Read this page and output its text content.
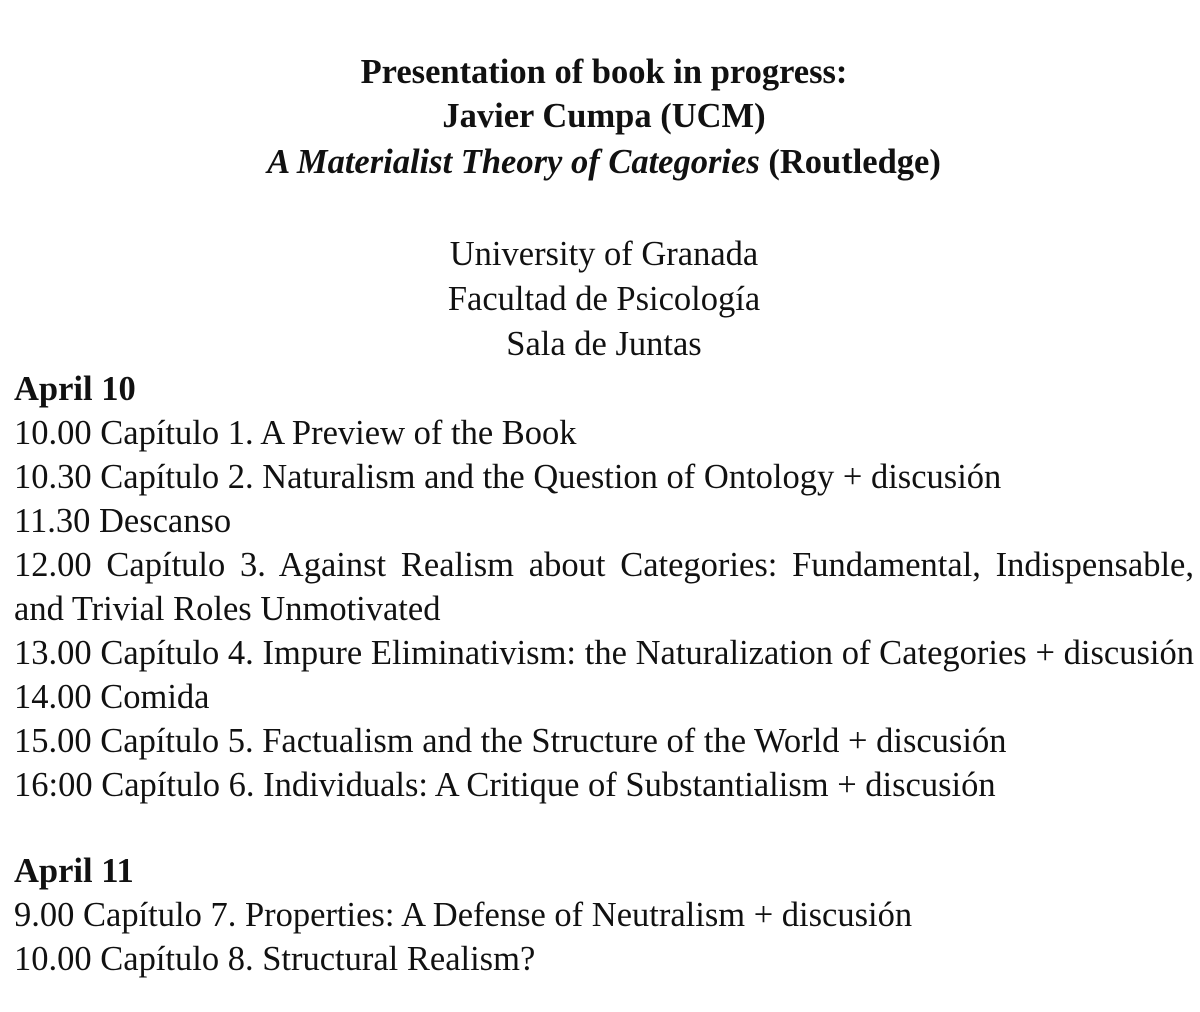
Presentation of book in progress:
Javier Cumpa (UCM)
A Materialist Theory of Categories (Routledge)
University of Granada
Facultad de Psicología
Sala de Juntas
April 10
10.00 Capítulo 1. A Preview of the Book
10.30 Capítulo 2. Naturalism and the Question of Ontology + discusión
11.30 Descanso
12.00 Capítulo 3. Against Realism about Categories: Fundamental, Indispensable, and Trivial Roles Unmotivated
13.00 Capítulo 4. Impure Eliminativism: the Naturalization of Categories + discusión 14.00 Comida
15.00 Capítulo 5. Factualism and the Structure of the World + discusión
16:00 Capítulo 6. Individuals: A Critique of Substantialism + discusión
April 11
9.00 Capítulo 7. Properties: A Defense of Neutralism + discusión
10.00 Capítulo 8. Structural Realism?
